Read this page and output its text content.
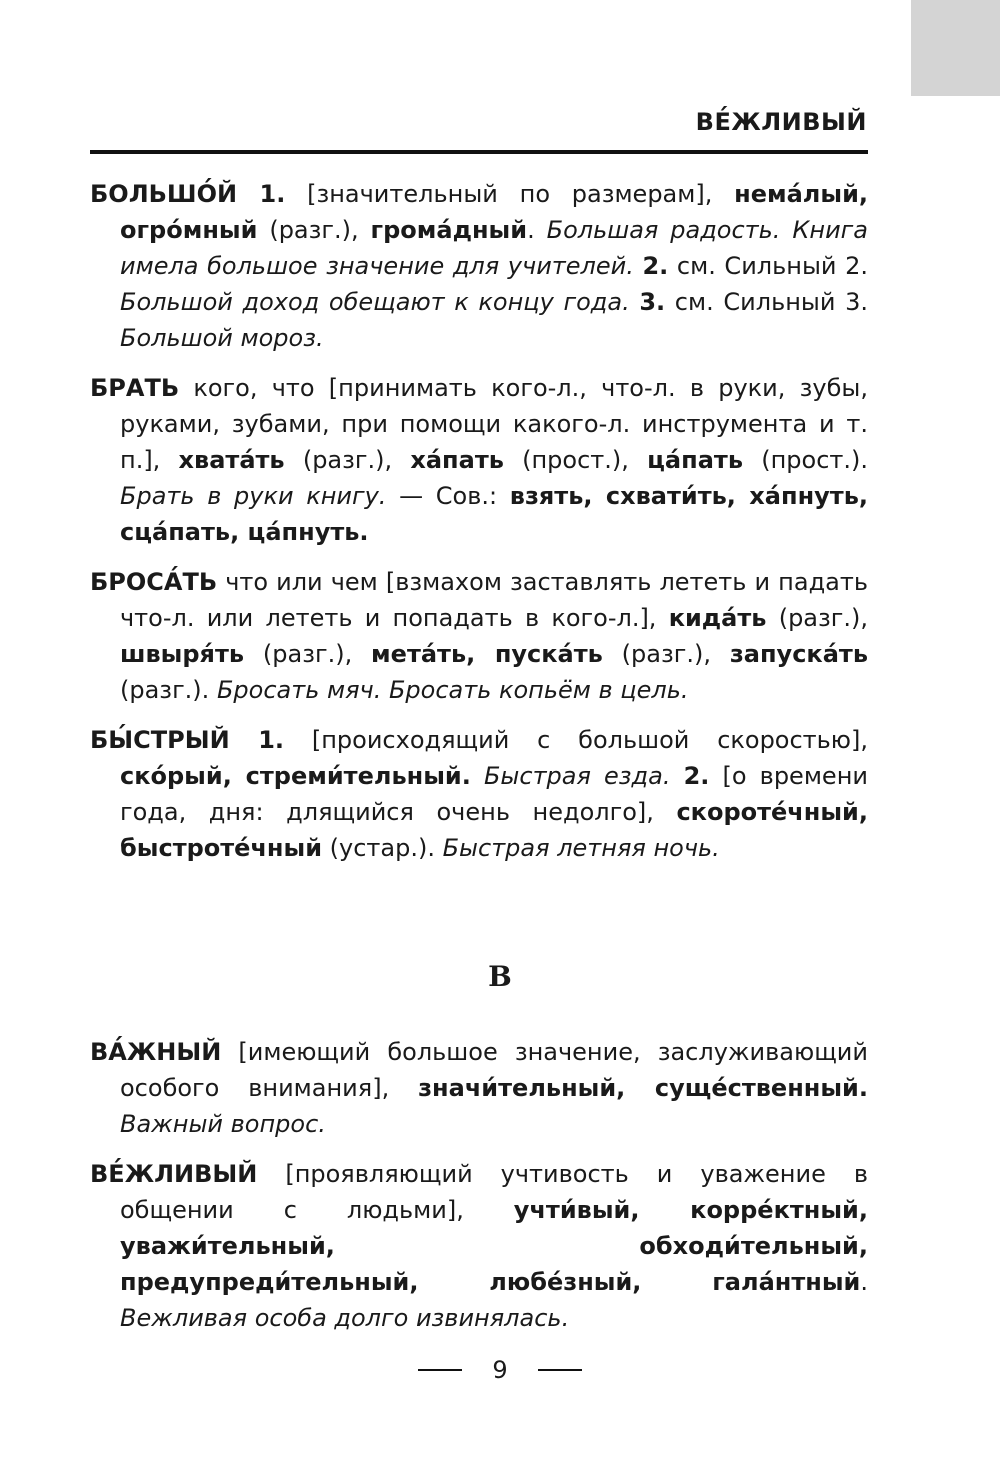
ВЕ́ЖЛИВЫЙ

БОЛЬШО́Й 1. [значительный по размерам], нема́лый, огро́мный (разг.), грома́дный. Большая радость. Книга имела большое значение для учителей. 2. см. Сильный 2. Большой доход обещают к концу года. 3. см. Сильный 3. Большой мороз.

БРАТЬ кого, что [принимать кого-л., что-л. в руки, зубы, руками, зубами, при помощи какого-л. инструмента и т. п.], хвата́ть (разг.), ха́пать (прост.), ца́пать (прост.). Брать в руки книгу. — Сов.: взять, схвати́ть, ха́пнуть, сца́пать, ца́пнуть.

БРОСА́ТЬ что или чем [взмахом заставлять лететь и падать что-л. или лететь и попадать в кого-л.], кида́ть (разг.), швыря́ть (разг.), мета́ть, пуска́ть (разг.), запуска́ть (разг.). Бросать мяч. Бросать копьём в цель.

БЫ́СТРЫЙ 1. [происходящий с большой скоростью], ско́рый, стреми́тельный. Быстрая езда. 2. [о времени года, дня: длящийся очень недолго], скороте́чный, быстроте́чный (устар.). Быстрая летняя ночь.

В

ВА́ЖНЫЙ [имеющий большое значение, заслуживающий особого внимания], значи́тельный, суще́ственный. Важный вопрос.

ВЕ́ЖЛИВЫЙ [проявляющий учтивость и уважение в общении с людьми], учти́вый, корре́ктный, уважи́тельный, обходи́тельный, предупреди́тельный, любе́зный, гала́нтный. Вежливая особа долго извинялась.

9
